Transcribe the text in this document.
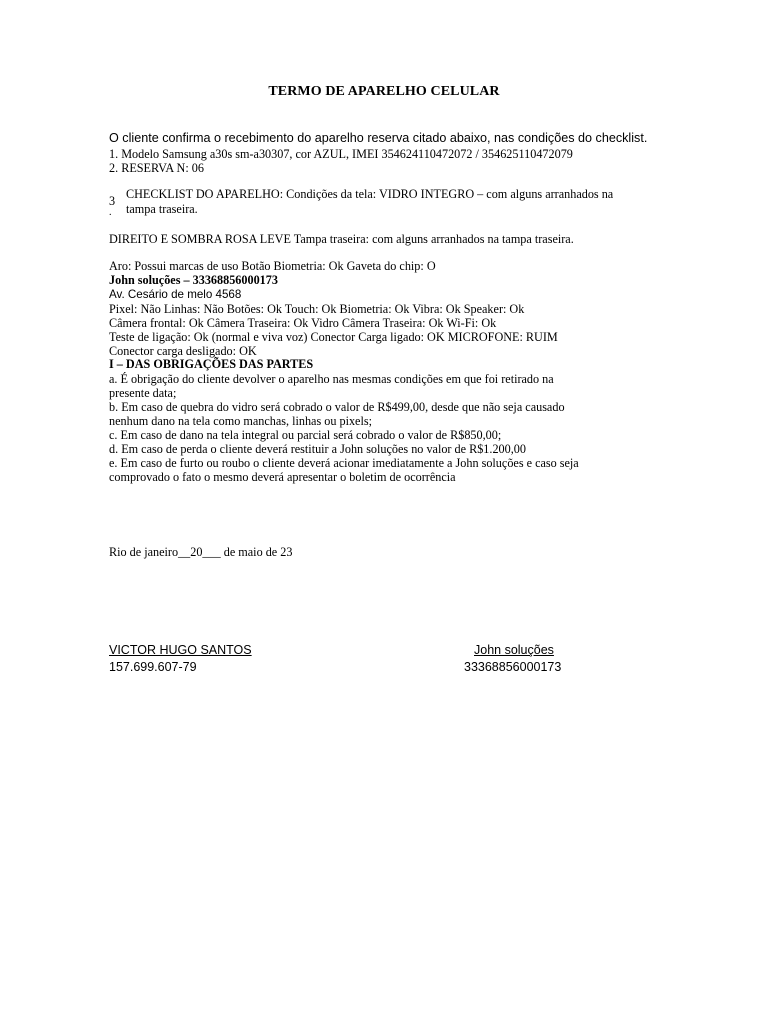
TERMO DE APARELHO CELULAR
O cliente confirma o recebimento do aparelho reserva citado abaixo, nas condições do checklist.
1. Modelo Samsung a30s sm-a30307, cor AZUL, IMEI 354624110472072 / 354625110472079
2. RESERVA N: 06
3
.
CHECKLIST DO APARELHO: Condições da tela: VIDRO INTEGRO – com alguns arranhados na tampa traseira.
DIREITO E SOMBRA ROSA LEVE Tampa traseira: com alguns arranhados na tampa traseira.
Aro: Possui marcas de uso Botão Biometria: Ok Gaveta do chip: O
John soluções – 33368856000173
Av. Cesário de melo 4568
Pixel: Não Linhas: Não Botões: Ok Touch: Ok Biometria: Ok Vibra: Ok Speaker: Ok
Câmera frontal: Ok Câmera Traseira: Ok Vidro Câmera Traseira: Ok Wi-Fi: Ok
Teste de ligação: Ok (normal e viva voz) Conector Carga ligado: OK MICROFONE: RUIM
Conector carga desligado: OK
I – DAS OBRIGAÇÕES DAS PARTES
a. É obrigação do cliente devolver o aparelho nas mesmas condições em que foi retirado na
presente data;
b. Em caso de quebra do vidro será cobrado o valor de R$499,00, desde que não seja causado
nenhum dano na tela como manchas, linhas ou pixels;
c. Em caso de dano na tela integral ou parcial será cobrado o valor de R$850,00;
d. Em caso de perda o cliente deverá restituir a John soluções no valor de R$1.200,00
e. Em caso de furto ou roubo o cliente deverá acionar imediatamente a John soluções e caso seja
comprovado o fato o mesmo deverá apresentar o boletim de ocorrência
Rio de janeiro__20___ de maio de 23
VICTOR HUGO SANTOS
157.699.607-79
John soluções
33368856000173
